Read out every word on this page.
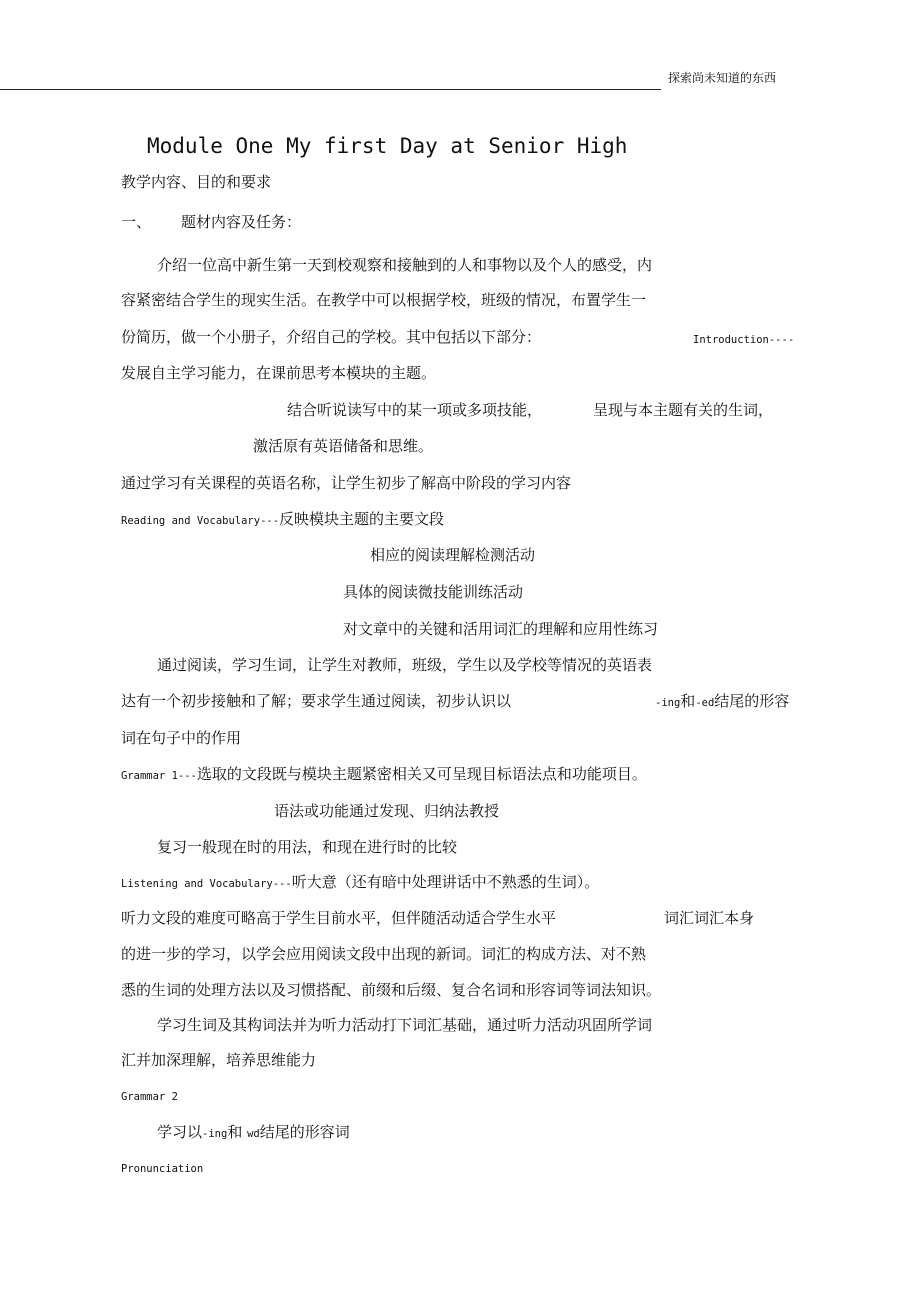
探索尚未知道的东西
Module One My first Day at Senior High
教学内容、目的和要求
一、 题材内容及任务：
介绍一位高中新生第一天到校观察和接触到的人和事物以及个人的感受，内
容紧密结合学生的现实生活。在教学中可以根据学校，班级的情况，布置学生一
份简历，做一个小册子，介绍自己的学校。其中包括以下部分：	Introduction----
发展自主学习能力，在课前思考本模块的主题。
结合听说读写中的某一项或多项技能，	呈现与本主题有关的生词，
激活原有英语储备和思维。
通过学习有关课程的英语名称，让学生初步了解高中阶段的学习内容
Reading and Vocabulary---反映模块主题的主要文段
相应的阅读理解检测活动
具体的阅读微技能训练活动
对文章中的关键和活用词汇的理解和应用性练习
通过阅读，学习生词，让学生对教师，班级，学生以及学校等情况的英语表
达有一个初步接触和了解；要求学生通过阅读，初步认识以	-ing和-ed结尾的形容
词在句子中的作用
Grammar 1---选取的文段既与模块主题紧密相关又可呈现目标语法点和功能项目。
语法或功能通过发现、归纳法教授
复习一般现在时的用法，和现在进行时的比较
Listening and Vocabulary---听大意（还有暗中处理讲话中不熟悉的生词）。
听力文段的难度可略高于学生目前水平，但伴随活动适合学生水平	词汇词汇本身
的进一步的学习，以学会应用阅读文段中出现的新词。词汇的构成方法、对不熟
悉的生词的处理方法以及习惯搭配、前缀和后缀、复合名词和形容词等词法知识。
学习生词及其构词法并为听力活动打下词汇基础，通过听力活动巩固所学词
汇并加深理解，培养思维能力
Grammar 2
学习以-ing和 wd结尾的形容词
Pronunciation
